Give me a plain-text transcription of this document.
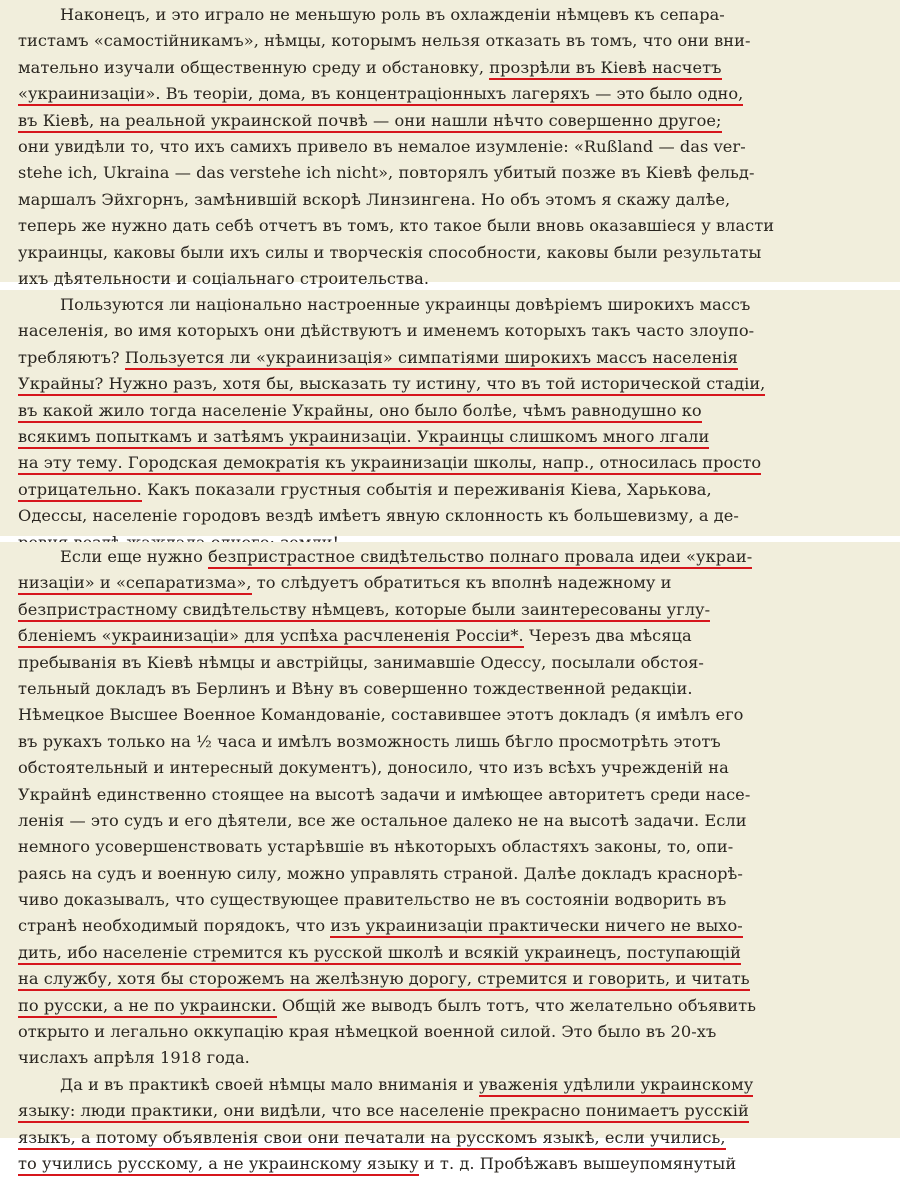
Наконецъ, и это играло не меньшую роль въ охлажденіи нѣмцевъ къ сепара-
тистамъ «самостійникамъ», нѣмцы, которымъ нельзя отказать въ томъ, что они вни-
мательно изучали общественную среду и обстановку, прозрѣли въ Кіевѣ насчетъ
«украинизаціи». Въ теоріи, дома, въ концентраціонныхъ лагеряхъ — это было одно,
въ Кіевѣ, на реальной украинской почвѣ — они нашли нѣчто совершенно другое;
они увидѣли то, что ихъ самихъ привело въ немалое изумленіе: «Rußland — das ver-
stehe ich, Ukraina — das verstehe ich nicht», повторялъ убитый позже въ Кіевѣ фельд-
маршалъ Эйхгорнъ, замѣнившій вскорѣ Линзингена. Но объ этомъ я скажу далѣе,
теперь же нужно дать себѣ отчетъ въ томъ, кто такое были вновь оказавшіеся у власти
украинцы, каковы были ихъ силы и творческія способности, каковы были результаты
ихъ дѣятельности и соціальнаго строительства.
Пользуются ли національно настроенные украинцы довѣріемъ широкихъ массъ
населенія, во имя которыхъ они дѣйствуютъ и именемъ которыхъ такъ часто злоупо-
требляютъ? Пользуется ли «украинизація» симпатіями широкихъ массъ населенія
Украйны? Нужно разъ, хотя бы, высказать ту истину, что въ той исторической стадіи,
въ какой жило тогда населеніе Украйны, оно было болѣе, чѣмъ равнодушно ко
всякимъ попыткамъ и затѣямъ украинизаціи. Украинцы слишкомъ много лгали
на эту тему. Городская демократія къ украинизаціи школы, напр., относилась просто
отрицательно. Какъ показали грустныя событія и переживанія Кіева, Харькова,
Одессы, населеніе городовъ вездѣ имѣетъ явную склонность къ большевизму, а де-
Если еще нужно безпристрастное свидѣтельство полнаго провала идеи «украи-
низаціи» и «сепаратизма», то слѣдуетъ обратиться къ вполнѣ надежному и
безпристрастному свидѣтельству нѣмцевъ, которые были заинтересованы углу-
бленіемъ «украинизаціи» для успѣха расчлененія Россіи*. Черезъ два мѣсяца
пребыванія въ Кіевѣ нѣмцы и австрійцы, занимавшіе Одессу, посылали обстоя-
тельный докладъ въ Берлинъ и Вѣну въ совершенно тождественной редакціи.
Нѣмецкое Высшее Военное Командованіе, составившее этотъ докладъ (я имѣлъ его
въ рукахъ только на ½ часа и имѣлъ возможность лишь бѣгло просмотрѣть этотъ
обстоятельный и интересный документъ), доносило, что изъ всѣхъ учрежденій на
Украйнѣ единственно стоящее на высотѣ задачи и имѣющее авторитетъ среди насе-
ленія — это судъ и его дѣятели, все же остальное далеко не на высотѣ задачи. Если
немного усовершенствовать устарѣвшіе въ нѣкоторыхъ областяхъ законы, то, опи-
раясь на судъ и военную силу, можно управлять страной. Далѣе докладъ краснорѣ-
чиво доказывалъ, что существующее правительство не въ состояніи водворить въ
странѣ необходимый порядокъ, что изъ украинизаціи практически ничего не выхо-
дить, ибо населеніе стремится къ русской школѣ и всякій украинецъ, поступающій
на службу, хотя бы сторожемъ на желѣзную дорогу, стремится и говорить, и читать
по русски, а не по украински. Общій же выводъ былъ тотъ, что желательно объявить
открыто и легально оккупацію края нѣмецкой военной силой. Это было въ 20-хъ
числахъ апрѣля 1918 года.
Да и въ практикѣ своей нѣмцы мало вниманія и уваженія удѣлили украинскому
языку: люди практики, они видѣли, что все населеніе прекрасно понимаетъ русскій
языкъ, а потому объявленія свои они печатали на русскомъ языкѣ, если учились,
то учились русскому, а не украинскому языку и т. д. Пробѣжавъ вышеупомянутый
